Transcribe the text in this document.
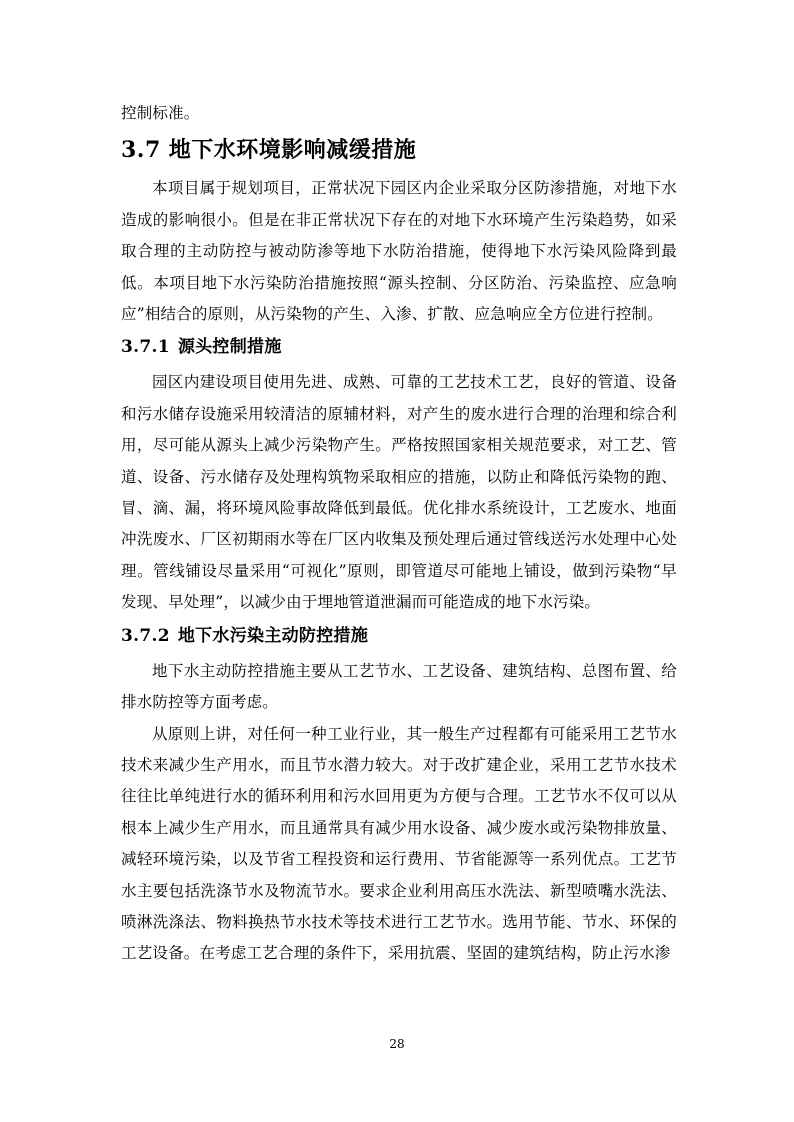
控制标准。

3.7 地下水环境影响减缓措施

本项目属于规划项目，正常状况下园区内企业采取分区防渗措施，对地下水造成的影响很小。但是在非正常状况下存在的对地下水环境产生污染趋势，如采取合理的主动防控与被动防渗等地下水防治措施，使得地下水污染风险降到最低。本项目地下水污染防治措施按照“源头控制、分区防治、污染监控、应急响应”相结合的原则，从污染物的产生、入渗、扩散、应急响应全方位进行控制。

3.7.1 源头控制措施

园区内建设项目使用先进、成熟、可靠的工艺技术工艺，良好的管道、设备和污水储存设施采用较清洁的原辅材料，对产生的废水进行合理的治理和综合利用，尽可能从源头上减少污染物产生。严格按照国家相关规范要求，对工艺、管道、设备、污水储存及处理构筑物采取相应的措施，以防止和降低污染物的跑、冒、滴、漏，将环境风险事故降低到最低。优化排水系统设计，工艺废水、地面冲洗废水、厂区初期雨水等在厂区内收集及预处理后通过管线送污水处理中心处理。管线铺设尽量采用“可视化”原则，即管道尽可能地上铺设，做到污染物“早发现、早处理”，以减少由于埋地管道泄漏而可能造成的地下水污染。

3.7.2 地下水污染主动防控措施

地下水主动防控措施主要从工艺节水、工艺设备、建筑结构、总图布置、给排水防控等方面考虑。

从原则上讲，对任何一种工业行业，其一般生产过程都有可能采用工艺节水技术来减少生产用水，而且节水潜力较大。对于改扩建企业，采用工艺节水技术往往比单纯进行水的循环利用和污水回用更为方便与合理。工艺节水不仅可以从根本上减少生产用水，而且通常具有减少用水设备、减少废水或污染物排放量、减轻环境污染，以及节省工程投资和运行费用、节省能源等一系列优点。工艺节水主要包括洗涤节水及物流节水。要求企业利用高压水洗法、新型喷嘴水洗法、喷淋洗涤法、物料换热节水技术等技术进行工艺节水。选用节能、节水、环保的工艺设备。在考虑工艺合理的条件下，采用抗震、坚固的建筑结构，防止污水渗

28
